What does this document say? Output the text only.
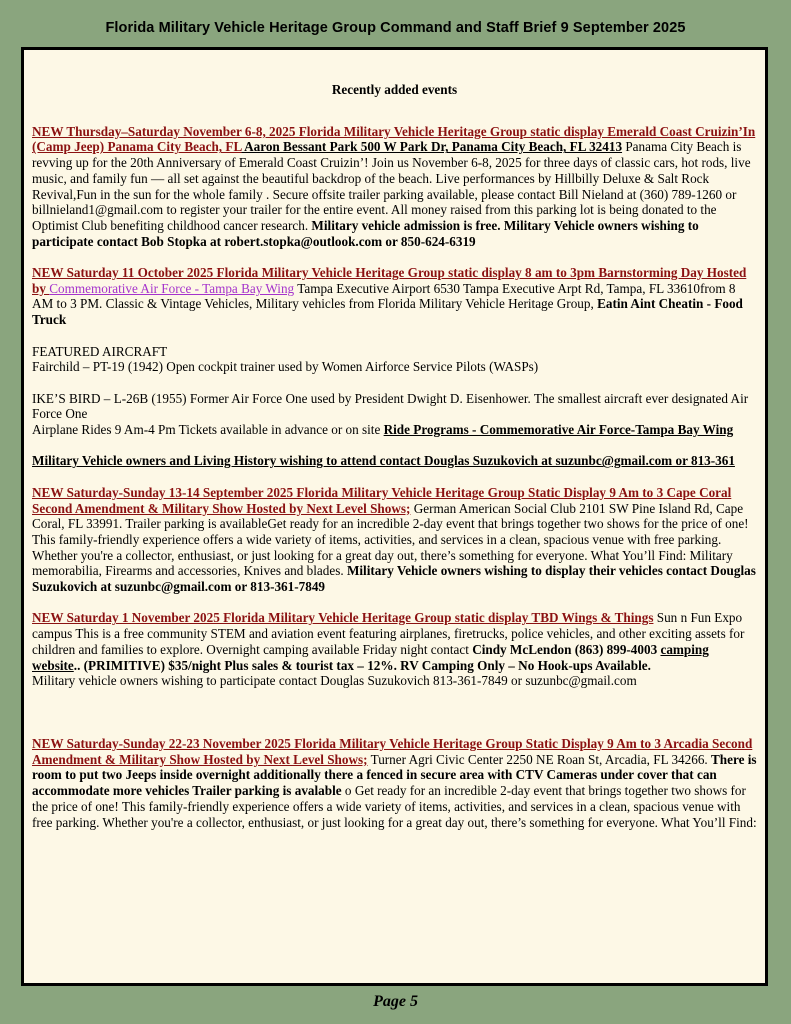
Florida Military Vehicle Heritage Group Command and Staff Brief 9 September 2025
Recently added events

NEW Thursday–Saturday November 6-8, 2025 Florida Military Vehicle Heritage Group static display Emerald Coast Cruizin’In (Camp Jeep) Panama City Beach, FL Aaron Bessant Park 500 W Park Dr, Panama City Beach, FL 32413 Panama City Beach is revving up for the 20th Anniversary of Emerald Coast Cruizin’! Join us November 6-8, 2025 for three days of classic cars, hot rods, live music, and family fun — all set against the beautiful backdrop of the beach. Live performances by Hillbilly Deluxe & Salt Rock Revival,Fun in the sun for the whole family . Secure offsite trailer parking available, please contact Bill Nieland at (360) 789-1260 or billnieland1@gmail.com to register your trailer for the entire event. All money raised from this parking lot is being donated to the Optimist Club benefiting childhood cancer research. Military vehicle admission is free. Military Vehicle owners wishing to participate contact Bob Stopka at robert.stopka@outlook.com or 850-624-6319

NEW Saturday 11 October 2025 Florida Military Vehicle Heritage Group static display 8 am to 3pm Barnstorming Day Hosted by Commemorative Air Force - Tampa Bay Wing Tampa Executive Airport 6530 Tampa Executive Arpt Rd, Tampa, FL 33610from 8 AM to 3 PM. Classic & Vintage Vehicles, Military vehicles from Florida Military Vehicle Heritage Group, Eatin Aint Cheatin - Food Truck

FEATURED AIRCRAFT

Fairchild – PT-19 (1942) Open cockpit trainer used by Women Airforce Service Pilots (WASPs)

IKE’S BIRD – L-26B (1955) Former Air Force One used by President Dwight D. Eisenhower. The smallest aircraft ever designated Air Force One

Airplane Rides 9 Am-4 Pm Tickets available in advance or on site Ride Programs - Commemorative Air Force-Tampa Bay Wing

Military Vehicle owners and Living History wishing to attend contact Douglas Suzukovich at suzunbc@gmail.com or 813-361

NEW Saturday-Sunday 13-14 September 2025 Florida Military Vehicle Heritage Group Static Display 9 Am to 3 Cape Coral Second Amendment & Military Show Hosted by Next Level Shows; German American Social Club 2101 SW Pine Island Rd, Cape Coral, FL 33991. Trailer parking is availableGet ready for an incredible 2-day event that brings together two shows for the price of one! This family-friendly experience offers a wide variety of items, activities, and services in a clean, spacious venue with free parking. Whether you're a collector, enthusiast, or just looking for a great day out, there’s something for everyone. What You’ll Find: Military memorabilia, Firearms and accessories, Knives and blades. Military Vehicle owners wishing to display their vehicles contact Douglas Suzukovich at suzunbc@gmail.com or 813-361-7849

NEW Saturday 1 November 2025 Florida Military Vehicle Heritage Group static display TBD Wings & Things Sun n Fun Expo campus This is a free community STEM and aviation event featuring airplanes, firetrucks, police vehicles, and other exciting assets for children and families to explore. Overnight camping available Friday night contact Cindy McLendon (863) 899-4003 camping website.. (PRIMITIVE) $35/night Plus sales & tourist tax – 12%. RV Camping Only – No Hook-ups Available.

Military vehicle owners wishing to participate contact Douglas Suzukovich 813-361-7849 or suzunbc@gmail.com

NEW Saturday-Sunday 22-23 November 2025 Florida Military Vehicle Heritage Group Static Display 9 Am to 3 Arcadia Second Amendment & Military Show Hosted by Next Level Shows; Turner Agri Civic Center 2250 NE Roan St, Arcadia, FL 34266. There is room to put two Jeeps inside overnight additionally there a fenced in secure area with CTV Cameras under cover that can accommodate more vehicles Trailer parking is avalable o Get ready for an incredible 2-day event that brings together two shows for the price of one! This family-friendly experience offers a wide variety of items, activities, and services in a clean, spacious venue with free parking. Whether you're a collector, enthusiast, or just looking for a great day out, there’s something for everyone. What You’ll Find:

Page 5
